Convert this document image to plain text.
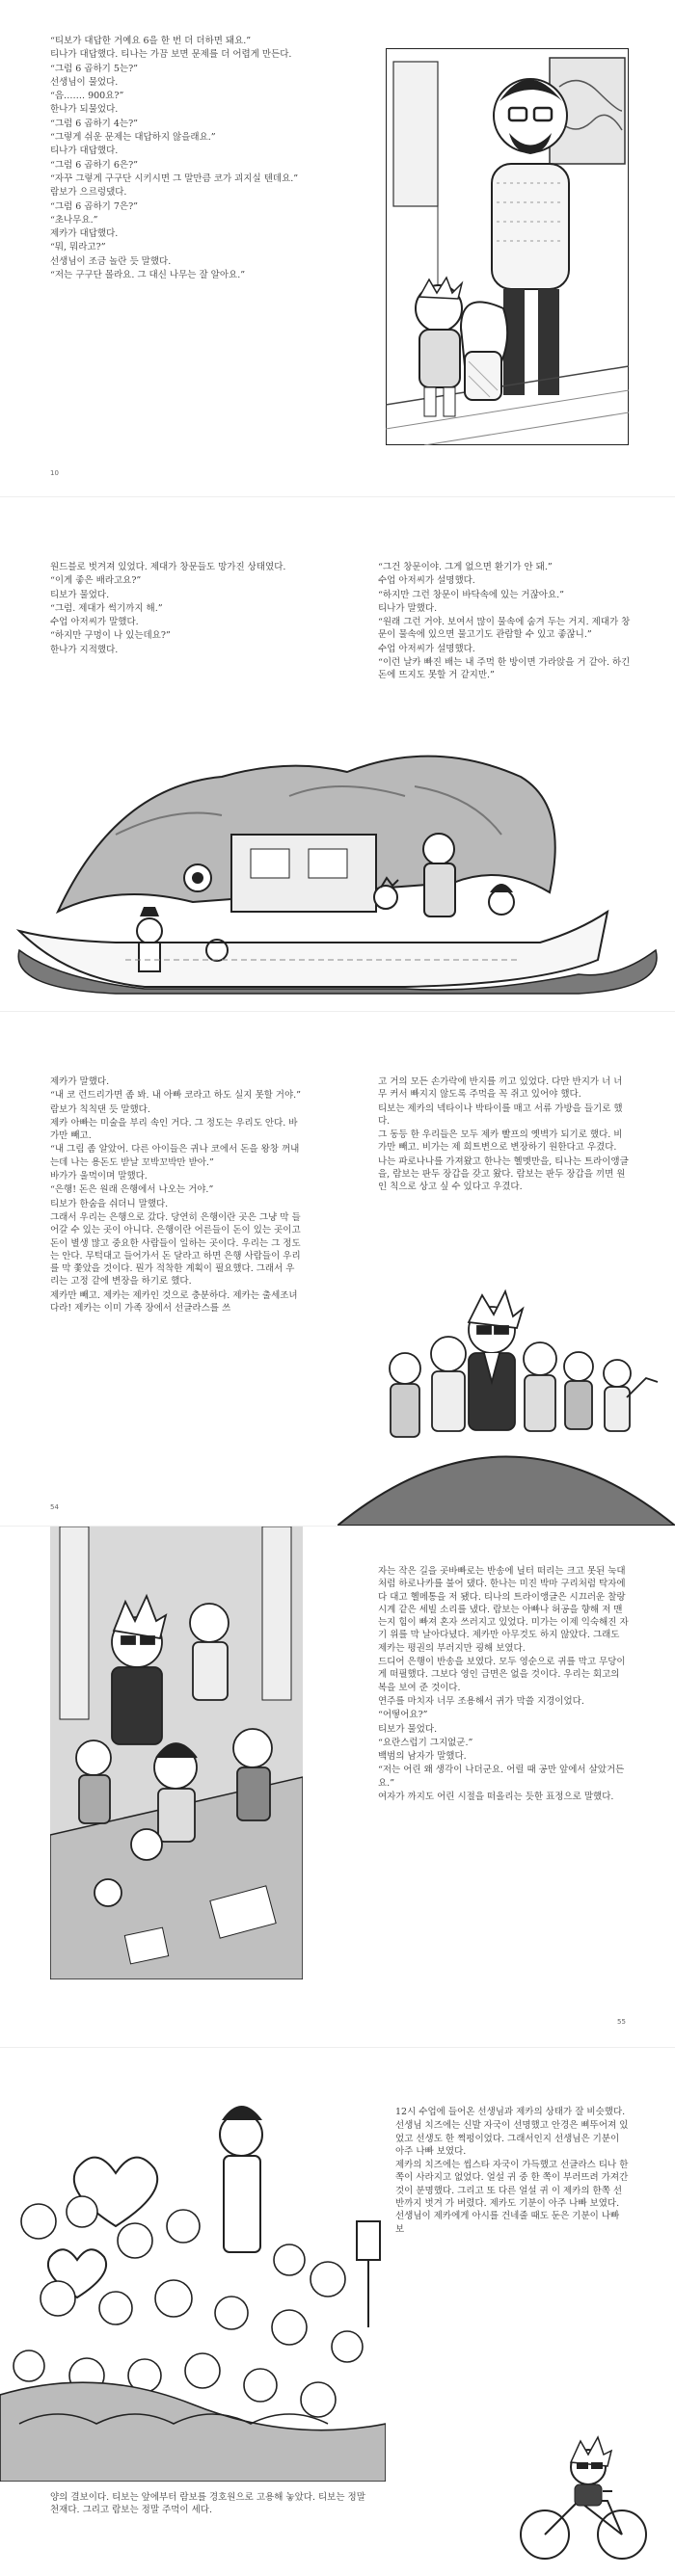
“티보가 대답한 거예요 6을 한 번 더 더하면 돼요.”

티나가 대답했다. 티나는 가끔 보면 문제를 더 어렵게 만든다.

“그럼 6 곱하기 5는?”

선생님이 물었다.

“음……. 900요?”

한나가 되물었다.

“그럼 6 곱하기 4는?”

“그렇게 쉬운 문제는 대답하지 않을래요.”

티나가 대답했다.

“그럼 6 곱하기 6은?”

“자꾸 그렇게 구구단 시키시면 그 말만큼 코가 괴지실 텐데요.”

람보가 으르렁댔다.

“그럼 6 곱하기 7은?”

“초나무요.”

제카가 대답했다.

“뭐, 뭐라고?”

선생님이 조금 놀란 듯 말했다.

“저는 구구단 몰라요. 그 대신 나무는 잘 알아요.”

10

원드블로 벗겨져 있었다. 제대가 창문들도 망가진 상태였다.

“이게 좋은 배라고요?”

티보가 물었다.

“그럼. 제대가 썩기까지 해.”

수업 아저씨가 말했다.

“하지만 구멍이 나 있는데요?”

한나가 지적했다.

“그건 창문이야. 그게 없으면 환기가 안 돼.”

수업 아저씨가 설명했다.

“하지만 그런 창문이 바닥속에 있는 거잖아요.”

티나가 말했다.

“원래 그런 거야. 보여서 많이 물속에 숨겨 두는 거지. 제대가 창문이 물속에 있으면 물고기도 관람할 수 있고 좋잖니.”

수업 아저씨가 설명했다.

“이런 날카 빠진 배는 내 주먹 한 방이면 가라앉을 거 같아. 하긴 돈에 뜨지도 못할 거 같지만.”

제카가 말했다.

“내 코 런드리가면 좀 봐. 내 아빠 코라고 하도 실지 못할 거야.”

람보가 칙칙댄 듯 말했다.

제카 아빠는 미술을 부리 속인 거다. 그 정도는 우리도 안다. 바가만 빼고.

“내 그림 좀 알았어. 다른 아이들은 귀나 코에서 돈을 왕창 꺼내는데 나는 용돈도 받날 꼬박꼬박만 받아.”

바가가 울먹이며 말했다.

“은행! 돈은 원래 은행에서 나오는 거야.”

티보가 한숨을 쉬더니 말했다.

그래서 우리는 은행으로 갔다. 당연히 은행이란 곳은 그냥 막 들어갈 수 있는 곳이 아니다. 은행이란 어른들이 돈이 있는 곳이고 돈이 별생 많고 중요한 사람들이 일하는 곳이다. 우리는 그 정도는 안다. 무턱대고 들어가서 돈 달라고 하면 은행 사람들이 우리를 막 쫓았을 것이다. 뭔가 적착한 계획이 필요했다. 그래서 우리는 고정 같에 변장을 하기로 했다.

제카만 빼고. 제카는 제카인 것으로 충분하다. 제카는 출세조녀다라! 제카는 이미 가족 장에서 선글라스를 쓰

54

고 거의 모든 손가락에 반지를 끼고 있었다. 다만 반지가 너 너무 커서 빠지지 않도록 주먹을 꼭 쥐고 있어야 했다.

티보는 제카의 넥타이나 박타이를 매고 서류 가방을 들기로 했다.

그 동등 한 우리들은 모두 제카 빨프의 옛벽가 되기로 했다. 비가만 빼고. 비가는 제 희트변으로 변장하기 원한다고 우겼다.

나는 파로나나를 가져왔고 한나는 헬멧만을, 티나는 트라이앵글을, 람보는 판두 장갑을 갖고 왔다. 람보는 판두 장갑을 끼면 원인 칙으로 상고 싶 수 있다고 우겼다.

자는 작은 길을 곳바빠로는 반송에 닐터 떠리는 크고 못된 눅대처럼 하로나카를 불어 댔다. 한나는 미진 박마 구리처럼 탁자에다 대고 헬메통을 저 됐다. 티나의 트라이앵글은 시끄러운 찰랑 시계 같은 세빌 소리를 냈다. 람보는 아빠나 허공을 향해 저 맨는지 힘이 빠져 혼자 쓰러지고 있었다. 미가는 이제 익숙해진 자기 위를 막 날아다녔다. 제카만 아무것도 하지 않았다. 그래도 제카는 평권의 부러지만 굉해 보였다.

드디어 은행이 반송을 보였다. 모두 영순으로 귀를 막고 무당이게 떠필했다. 그보다 영인 급면은 없을 것이다. 우리는 회고의 복을 보여 준 것이다.

연주를 마치자 너무 조용해서 귀가 막쓸 지경이었다.

“어떻어요?”

티보가 물었다.

“요란스럽기 그지없군.”

백범의 남자가 말했다.

“저는 어린 왜 생각이 나더군요. 어릴 때 공만 앞에서 살았거든요.”

여자가 까지도 어린 시절을 떠올리는 듯한 표정으로 말했다.

55

12시 수업에 들어온 선생님과 제카의 상태가 잘 비슷했다.

선생님 치즈에는 신발 자국이 선명했고 안경은 삐뚜어져 있었고 선생도 한 쩍펑이었다. 그래서인지 선생님은 기분이 아주 나빠 보였다.

제카의 치즈에는 씹스타 자국이 가득했고 선글라스 티나 한쪽이 사라지고 없었다. 얼설 귀 중 한 쪽이 부러뜨려 가져간 것이 분명했다. 그리고 또 다른 얼설 귀 이 제카의 한쪽 선반까지 벗겨 가 버렸다. 제카도 기분이 아주 나빠 보였다. 선생님이 제카에게 아시를 건네줄 때도 둔은 기분이 나빠 보

양의 결보이다. 티보는 앞에부터 람보를 경호원으로 고용해 놓았다. 티보는 정말 천재다. 그리고 람보는 정말 주먹이 세다.
